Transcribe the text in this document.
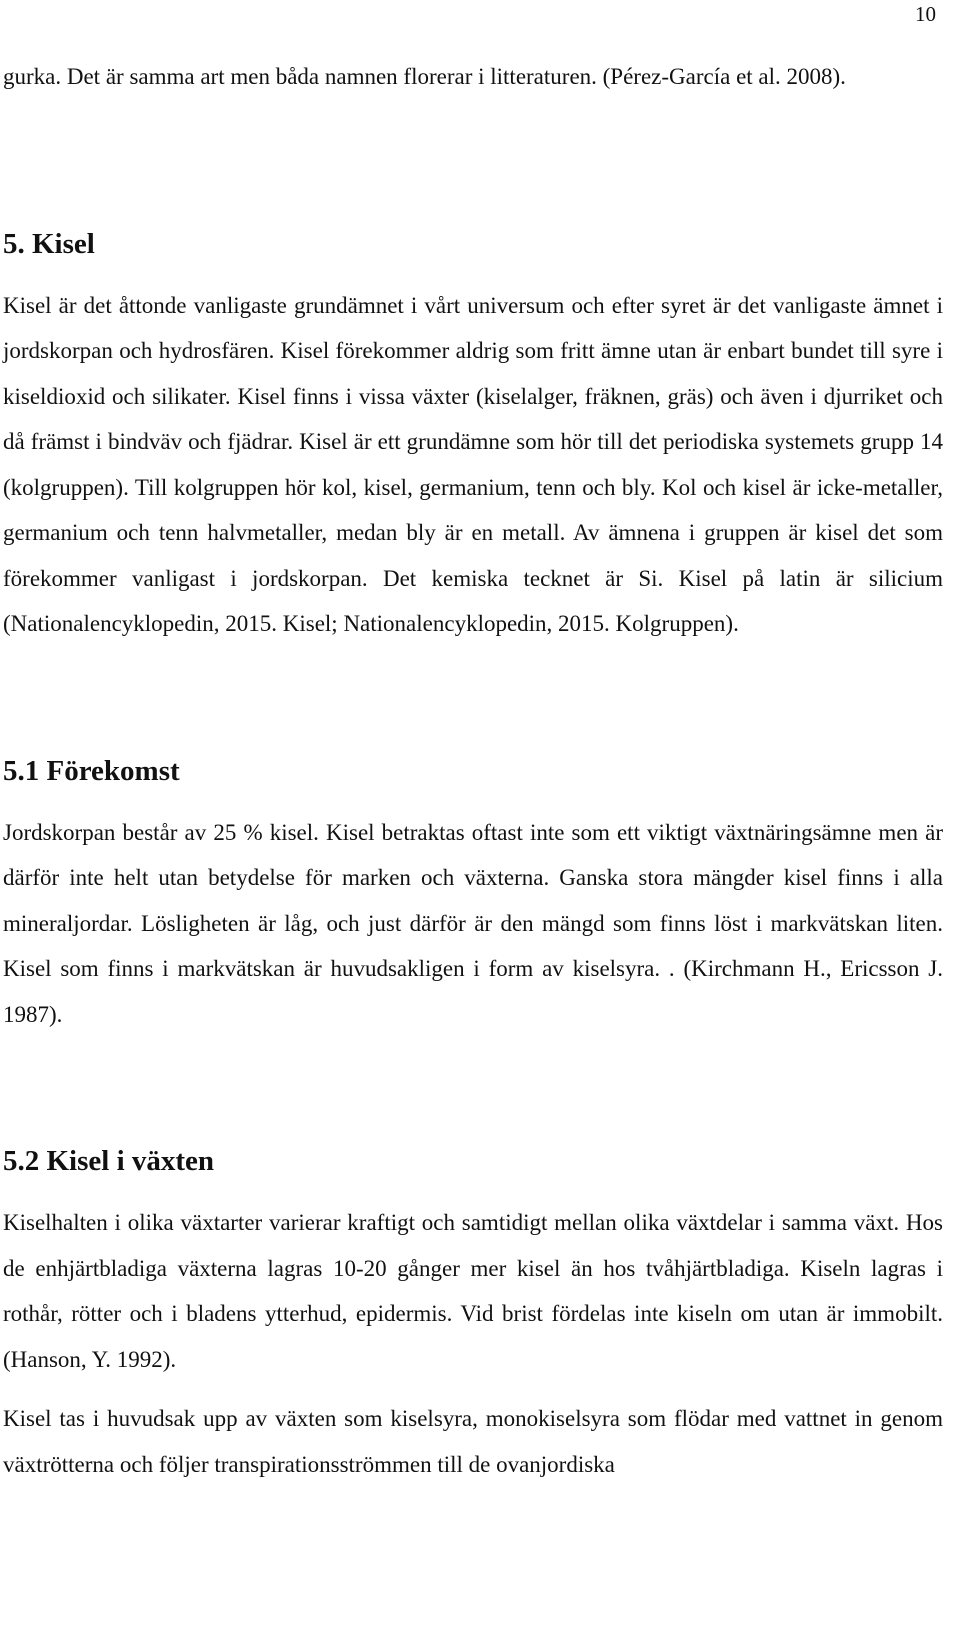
10

gurka. Det är samma art men båda namnen florerar i litteraturen. (Pérez-García et al. 2008).

5. Kisel

Kisel är det åttonde vanligaste grundämnet i vårt universum och efter syret är det vanligaste ämnet i jordskorpan och hydrosfären. Kisel förekommer aldrig som fritt ämne utan är enbart bundet till syre i kiseldioxid och silikater. Kisel finns i vissa växter (kiselalger, fräknen, gräs) och även i djurriket och då främst i bindväv och fjädrar. Kisel är ett grundämne som hör till det periodiska systemets grupp 14 (kolgruppen). Till kolgruppen hör kol, kisel, germanium, tenn och bly. Kol och kisel är icke-metaller, germanium och tenn halvmetaller, medan bly är en metall. Av ämnena i gruppen är kisel det som förekommer vanligast i jordskorpan. Det kemiska tecknet är Si. Kisel på latin är silicium (Nationalencyklopedin, 2015. Kisel; Nationalencyklopedin, 2015. Kolgruppen).

5.1 Förekomst

Jordskorpan består av 25 % kisel. Kisel betraktas oftast inte som ett viktigt växtnäringsämne men är därför inte helt utan betydelse för marken och växterna. Ganska stora mängder kisel finns i alla mineraljordar. Lösligheten är låg, och just därför är den mängd som finns löst i markvätskan liten. Kisel som finns i markvätskan är huvudsakligen i form av kiselsyra. . (Kirchmann H., Ericsson J. 1987).

5.2 Kisel i växten

Kiselhalten i olika växtarter varierar kraftigt och samtidigt mellan olika växtdelar i samma växt. Hos de enhjärtbladiga växterna lagras 10-20 gånger mer kisel än hos tvåhjärtbladiga. Kiseln lagras i rothår, rötter och i bladens ytterhud, epidermis. Vid brist fördelas inte kiseln om utan är immobilt. (Hanson, Y. 1992).

Kisel tas i huvudsak upp av växten som kiselsyra, monokiselsyra som flödar med vattnet in genom växtrötterna och följer transpirationsströmmen till de ovanjordiska
